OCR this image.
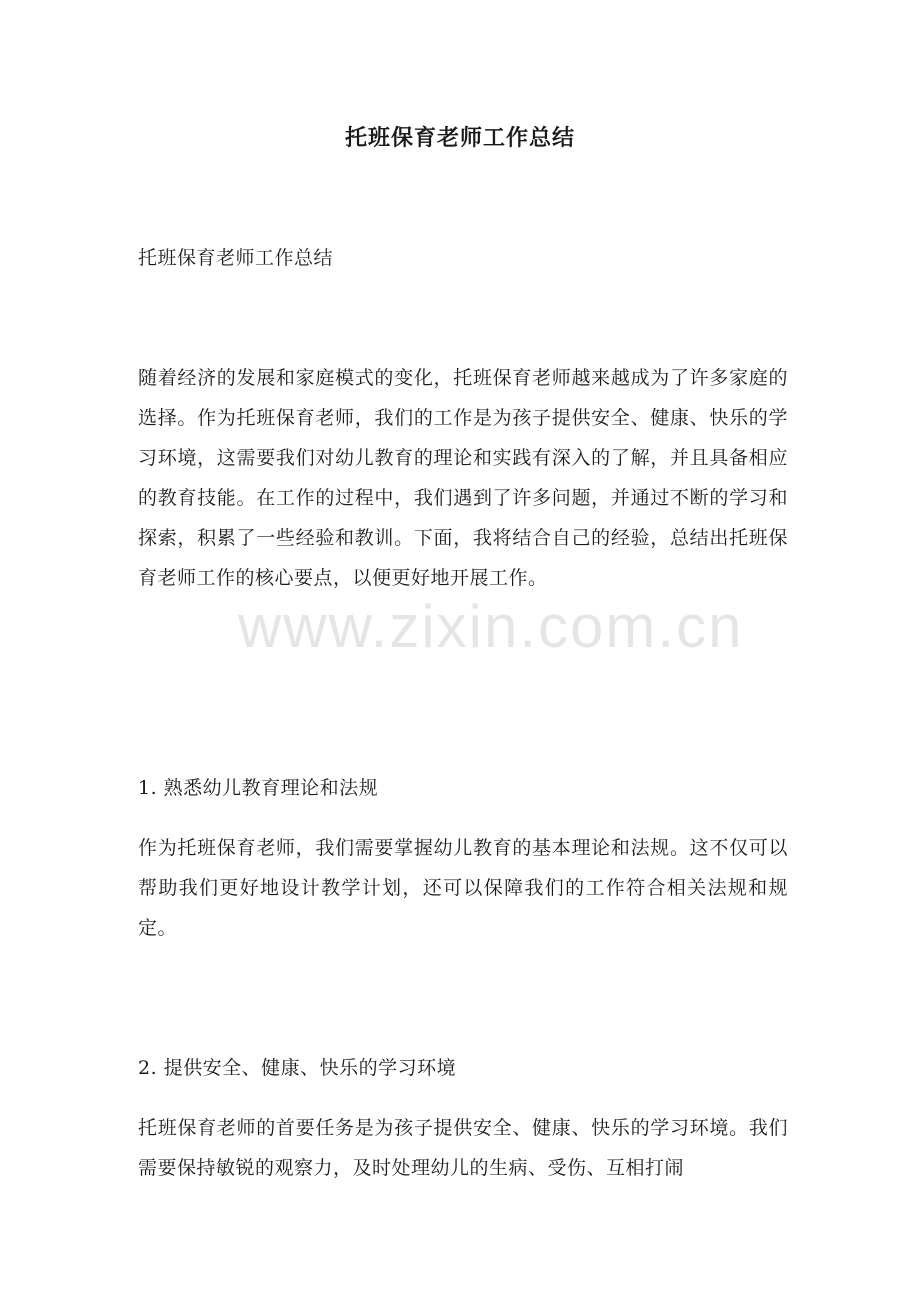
托班保育老师工作总结

托班保育老师工作总结

随着经济的发展和家庭模式的变化，托班保育老师越来越成为了许多家庭的选择。作为托班保育老师，我们的工作是为孩子提供安全、健康、快乐的学习环境，这需要我们对幼儿教育的理论和实践有深入的了解，并且具备相应的教育技能。在工作的过程中，我们遇到了许多问题，并通过不断的学习和探索，积累了一些经验和教训。下面，我将结合自己的经验，总结出托班保育老师工作的核心要点，以便更好地开展工作。

1. 熟悉幼儿教育理论和法规

作为托班保育老师，我们需要掌握幼儿教育的基本理论和法规。这不仅可以帮助我们更好地设计教学计划，还可以保障我们的工作符合相关法规和规定。

2. 提供安全、健康、快乐的学习环境

托班保育老师的首要任务是为孩子提供安全、健康、快乐的学习环境。我们需要保持敏锐的观察力，及时处理幼儿的生病、受伤、互相打闹

www.zixin.com.cn
